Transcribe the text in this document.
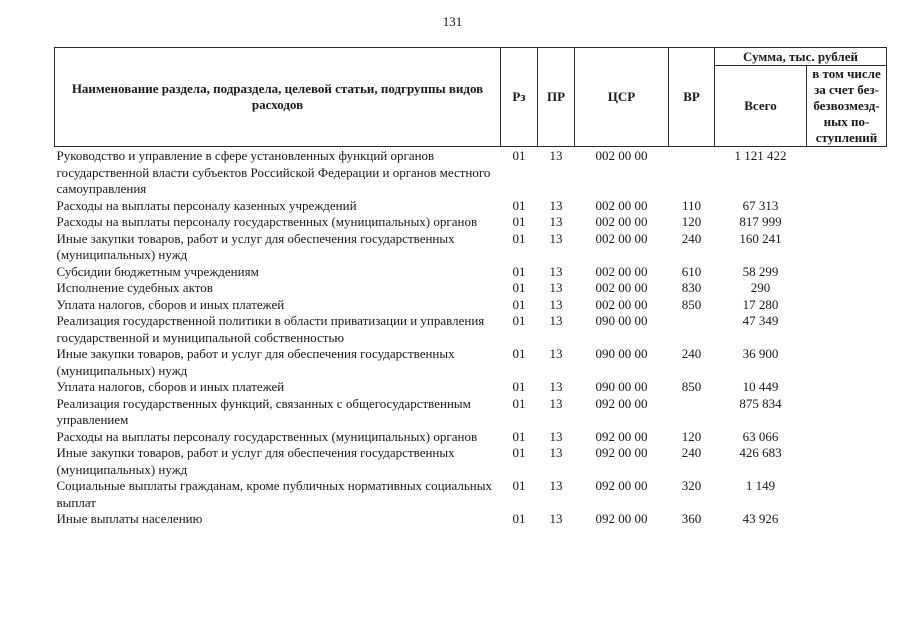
131
Наименование раздела, подраздела, целевой статьи, подгруппы видов расходов	Рз	ПР	ЦСР	ВР	Сумма, тыс. рублей	
					Всего	в том числе за счет без-безвозмезд-ных по-ступлений
Руководство и управление в сфере установленных функций органов государственной власти субъектов Российской Федерации и органов местного самоуправления	01	13	002 00 00		1 121 422	
Расходы на выплаты персоналу казенных учреждений	01	13	002 00 00	110	67 313	
Расходы на выплаты персоналу государственных (муниципальных) органов	01	13	002 00 00	120	817 999	
Иные закупки товаров, работ и услуг для обеспечения государственных (муниципальных) нужд	01	13	002 00 00	240	160 241	
Субсидии бюджетным учреждениям	01	13	002 00 00	610	58 299	
Исполнение судебных актов	01	13	002 00 00	830	290	
Уплата налогов, сборов и иных платежей	01	13	002 00 00	850	17 280	
Реализация государственной политики в области приватизации и управления государственной и муниципальной собственностью	01	13	090 00 00		47 349	
Иные закупки товаров, работ и услуг для обеспечения государственных (муниципальных) нужд	01	13	090 00 00	240	36 900	
Уплата налогов, сборов и иных платежей	01	13	090 00 00	850	10 449	
Реализация государственных функций, связанных с общегосударственным управлением	01	13	092 00 00		875 834	
Расходы на выплаты персоналу государственных (муниципальных) органов	01	13	092 00 00	120	63 066	
Иные закупки товаров, работ и услуг для обеспечения государственных (муниципальных) нужд	01	13	092 00 00	240	426 683	
Социальные выплаты гражданам, кроме публичных нормативных социальных выплат	01	13	092 00 00	320	1 149	
Иные выплаты населению	01	13	092 00 00	360	43 926	
